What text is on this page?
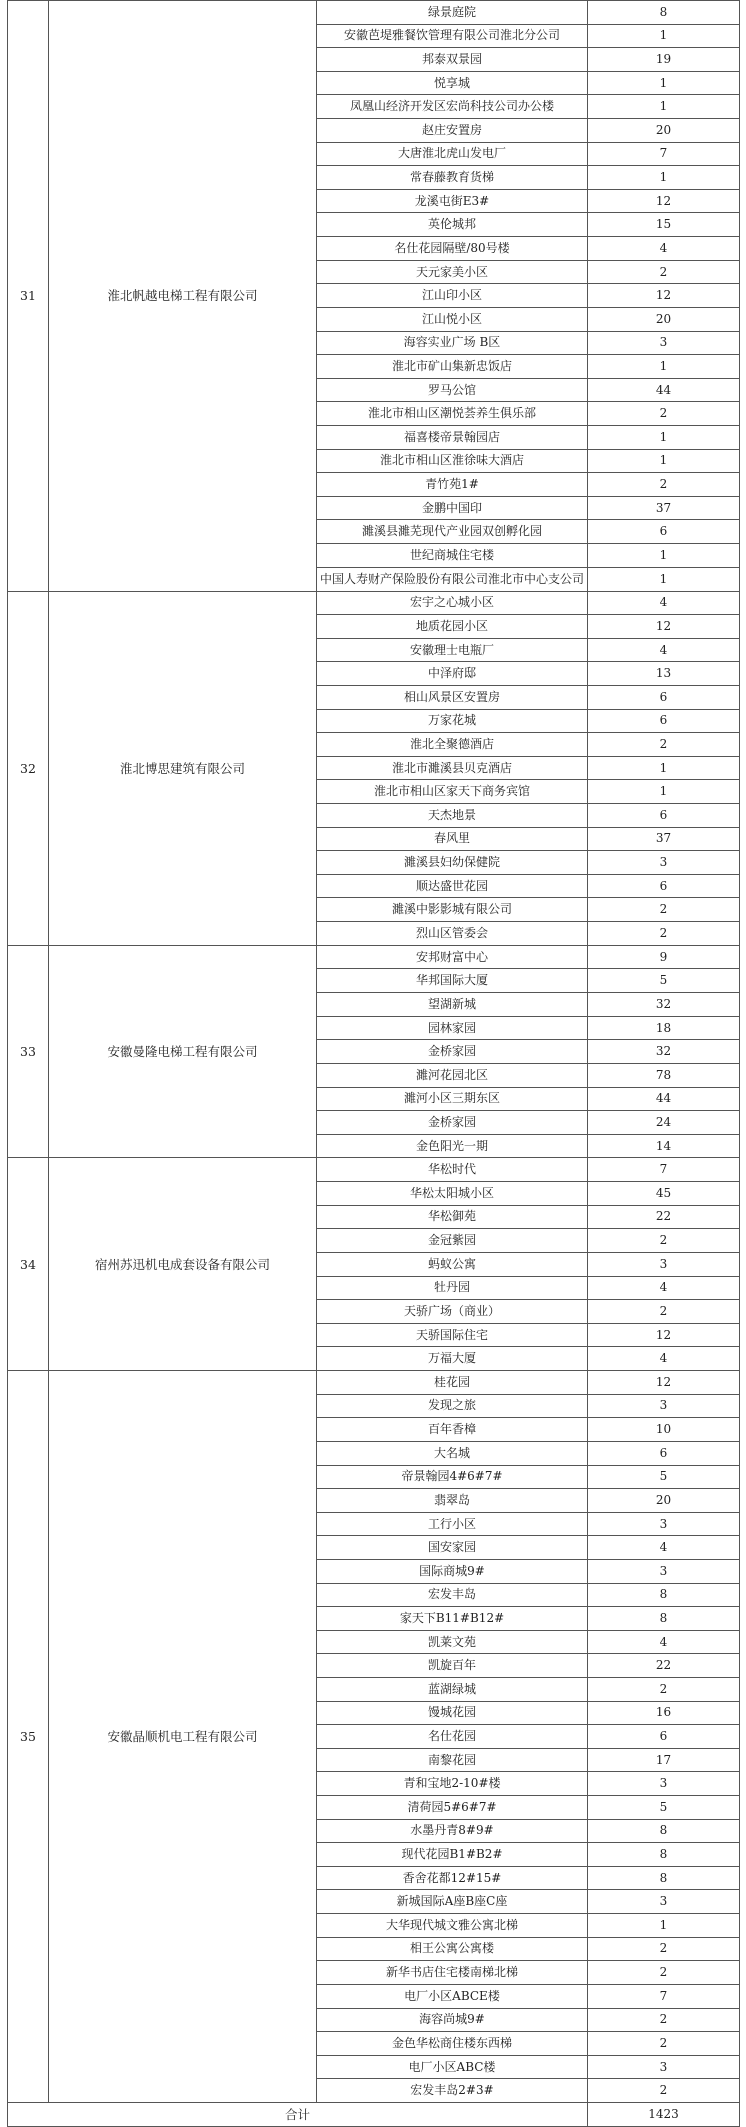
31	淮北帆越电梯工程有限公司	绿景庭院	8
		安徽芭堤雅餐饮管理有限公司淮北分公司	1
		邦泰双景园	19
		悦享城	1
		凤凰山经济开发区宏尚科技公司办公楼	1
		赵庄安置房	20
		大唐淮北虎山发电厂	7
		常春藤教育货梯	1
		龙溪屯街E3#	12
		英伦城邦	15
		名仕花园隔壁/80号楼	4
		天元家美小区	2
		江山印小区	12
		江山悦小区	20
		海容实业广场 B区	3
		淮北市矿山集新忠饭店	1
		罗马公馆	44
		淮北市相山区潮悦荟养生俱乐部	2
		福喜楼帝景翰园店	1
		淮北市相山区淮徐味大酒店	1
		青竹苑1#	2
		金鹏中国印	37
		濉溪县濉芜现代产业园双创孵化园	6
		世纪商城住宅楼	1
		中国人寿财产保险股份有限公司淮北市中心支公司	1
32	淮北博思建筑有限公司	宏宇之心城小区	4
		地质花园小区	12
		安徽理士电瓶厂	4
		中泽府邸	13
		相山风景区安置房	6
		万家花城	6
		淮北全聚德酒店	2
		淮北市濉溪县贝克酒店	1
		淮北市相山区家天下商务宾馆	1
		天杰地景	6
		春风里	37
		濉溪县妇幼保健院	3
		顺达盛世花园	6
		濉溪中影影城有限公司	2
		烈山区管委会	2
33	安徽曼隆电梯工程有限公司	安邦财富中心	9
		华邦国际大厦	5
		望湖新城	32
		园林家园	18
		金桥家园	32
		濉河花园北区	78
		濉河小区三期东区	44
		金桥家园	24
		金色阳光一期	14
34	宿州苏迅机电成套设备有限公司	华松时代	7
		华松太阳城小区	45
		华松御苑	22
		金冠紫园	2
		蚂蚁公寓	3
		牡丹园	4
		天骄广场（商业）	2
		天骄国际住宅	12
		万福大厦	4
35	安徽晶顺机电工程有限公司	桂花园	12
		发现之旅	3
		百年香樟	10
		大名城	6
		帝景翰园4#6#7#	5
		翡翠岛	20
		工行小区	3
		国安家园	4
		国际商城9#	3
		宏发丰岛	8
		家天下B11#B12#	8
		凯莱文苑	4
		凯旋百年	22
		蓝湖绿城	2
		馒城花园	16
		名仕花园	6
		南黎花园	17
		青和宝地2-10#楼	3
		清荷园5#6#7#	5
		水墨丹青8#9#	8
		现代花园B1#B2#	8
		香舍花都12#15#	8
		新城国际A座B座C座	3
		大华现代城文雅公寓北梯	1
		相王公寓公寓楼	2
		新华书店住宅楼南梯北梯	2
		电厂小区ABCE楼	7
		海容尚城9#	2
		金色华松商住楼东西梯	2
		电厂小区ABC楼	3
		宏发丰岛2#3#	2
合计			1423
